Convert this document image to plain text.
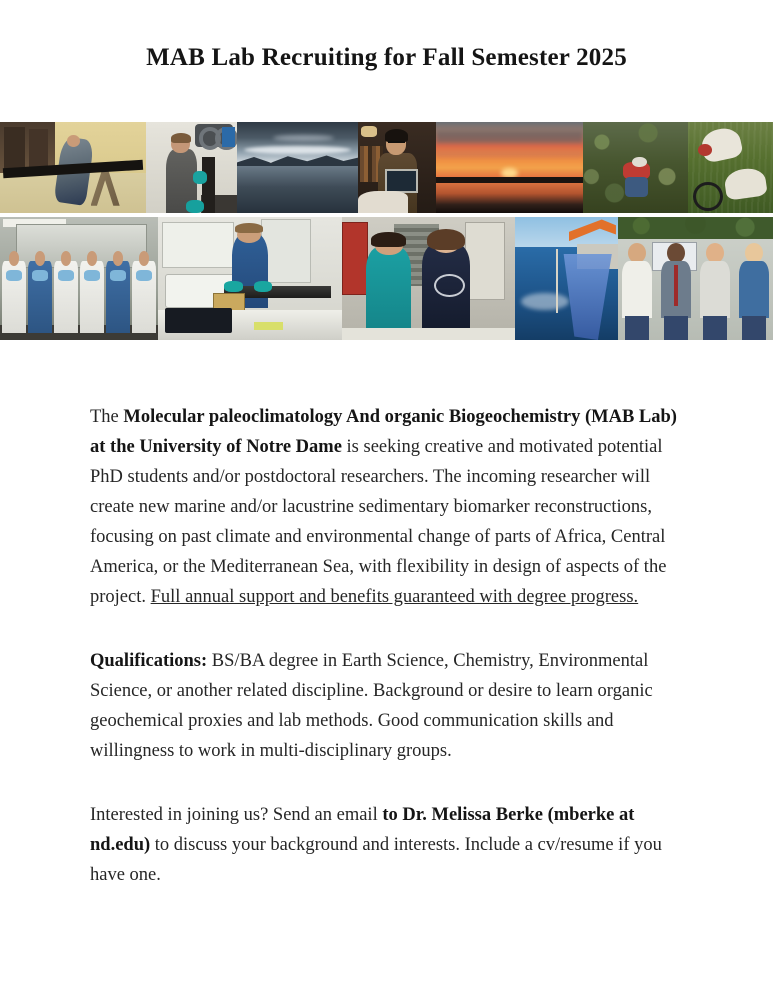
MAB Lab Recruiting for Fall Semester 2025

The Molecular paleoclimatology And organic Biogeochemistry (MAB Lab) at the University of Notre Dame is seeking creative and motivated potential PhD students and/or postdoctoral researchers. The incoming researcher will create new marine and/or lacustrine sedimentary biomarker reconstructions, focusing on past climate and environmental change of parts of Africa, Central America, or the Mediterranean Sea, with flexibility in design of aspects of the project. Full annual support and benefits guaranteed with degree progress.

Qualifications: BS/BA degree in Earth Science, Chemistry, Environmental Science, or another related discipline. Background or desire to learn organic geochemical proxies and lab methods. Good communication skills and willingness to work in multi-disciplinary groups.

Interested in joining us? Send an email to Dr. Melissa Berke (mberke at nd.edu) to discuss your background and interests. Include a cv/resume if you have one.
